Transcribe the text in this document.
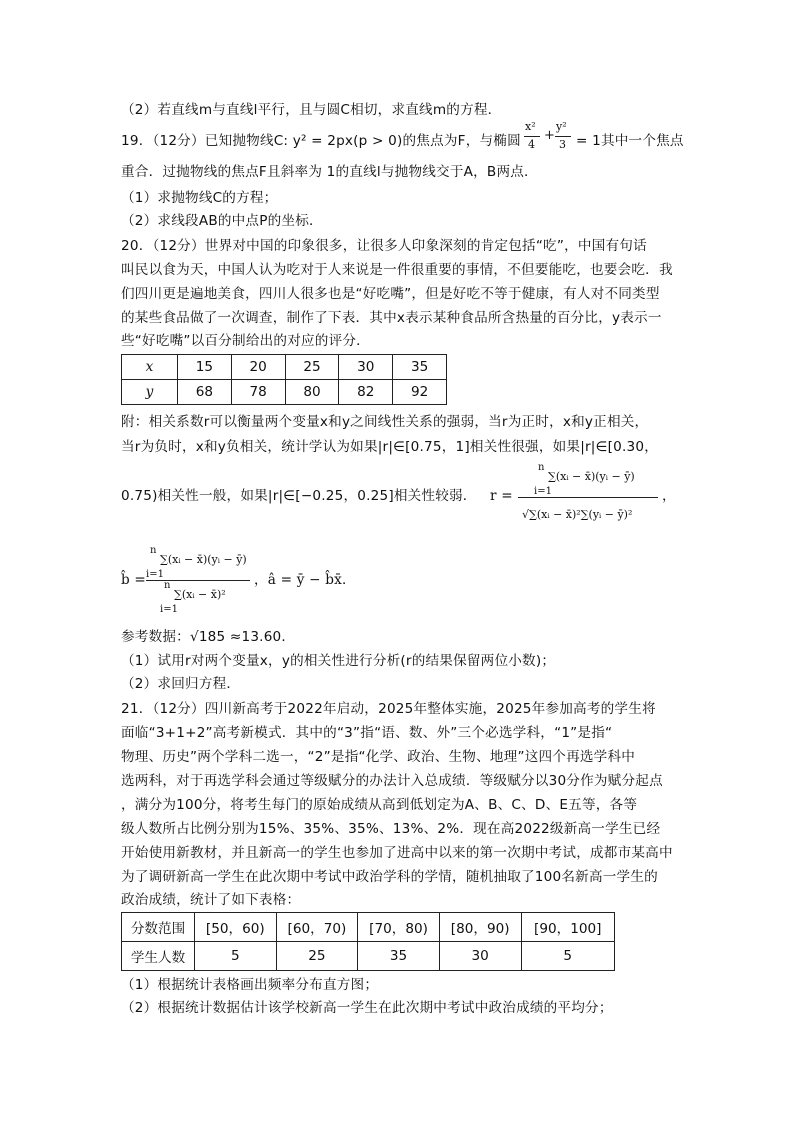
（2）若直线m与直线l平行，且与圆C相切，求直线m的方程．
19．（12分）已知抛物线C: y² = 2px(p > 0)的焦点为F，与椭圆
x²
4
+
y²
3 = 1其中一个焦点
重合．过抛物线的焦点F且斜率为 1的直线l与抛物线交于A，B两点．
（1）求抛物线C的方程；
（2）求线段AB的中点P的坐标．
20．（12分）世界对中国的印象很多，让很多人印象深刻的肯定包括“吃”，中国有句话
叫民以食为天，中国人认为吃对于人来说是一件很重要的事情，不但要能吃，也要会吃．我
们四川更是遍地美食，四川人很多也是“好吃嘴”，但是好吃不等于健康，有人对不同类型
的某些食品做了一次调查，制作了下表．其中x表示某种食品所含热量的百分比，y表示一
些“好吃嘴”以百分制给出的对应的评分．
x	15	20	25	30	35
y	68	78	80	82	92
附：相关系数r可以衡量两个变量x和y之间线性关系的强弱，当r为正时，x和y正相关，
当r为负时，x和y负相关，统计学认为如果|r|∈[0.75，1]相关性很强，如果|r|∈[0.30，
0.75)相关性一般，如果|r|∈[−0.25，0.25]相关性较弱． r =
n
∑(xᵢ − x̄)(yᵢ − ȳ)
i=1
√∑(xᵢ − x̄)²∑(yᵢ − ȳ)²
，
b̂ =
n
∑(xᵢ − x̄)(yᵢ − ȳ)
i=1
n
∑(xᵢ − x̄)²
i=1
，â = ȳ − b̂x̄．
参考数据：√185 ≈13.60．
（1）试用r对两个变量x，y的相关性进行分析(r的结果保留两位小数)；
（2）求回归方程．
21．（12分）四川新高考于2022年启动，2025年整体实施，2025年参加高考的学生将
面临“3+1+2”高考新模式．其中的“3”指“语、数、外”三个必选学科，“1”是指“
物理、历史”两个学科二选一，“2”是指“化学、政治、生物、地理”这四个再选学科中
选两科，对于再选学科会通过等级赋分的办法计入总成绩．等级赋分以30分作为赋分起点
，满分为100分，将考生每门的原始成绩从高到低划定为A、B、C、D、E五等，各等
级人数所占比例分别为15%、35%、35%、13%、2%．现在高2022级新高一学生已经
开始使用新教材，并且新高一的学生也参加了进高中以来的第一次期中考试，成都市某高中
为了调研新高一学生在此次期中考试中政治学科的学情，随机抽取了100名新高一学生的
政治成绩，统计了如下表格：
分数范围	[50，60)	[60，70)	[70，80)	[80，90)	[90，100]
学生人数	5	25	35	30	5
（1）根据统计表格画出频率分布直方图；
（2）根据统计数据估计该学校新高一学生在此次期中考试中政治成绩的平均分；
